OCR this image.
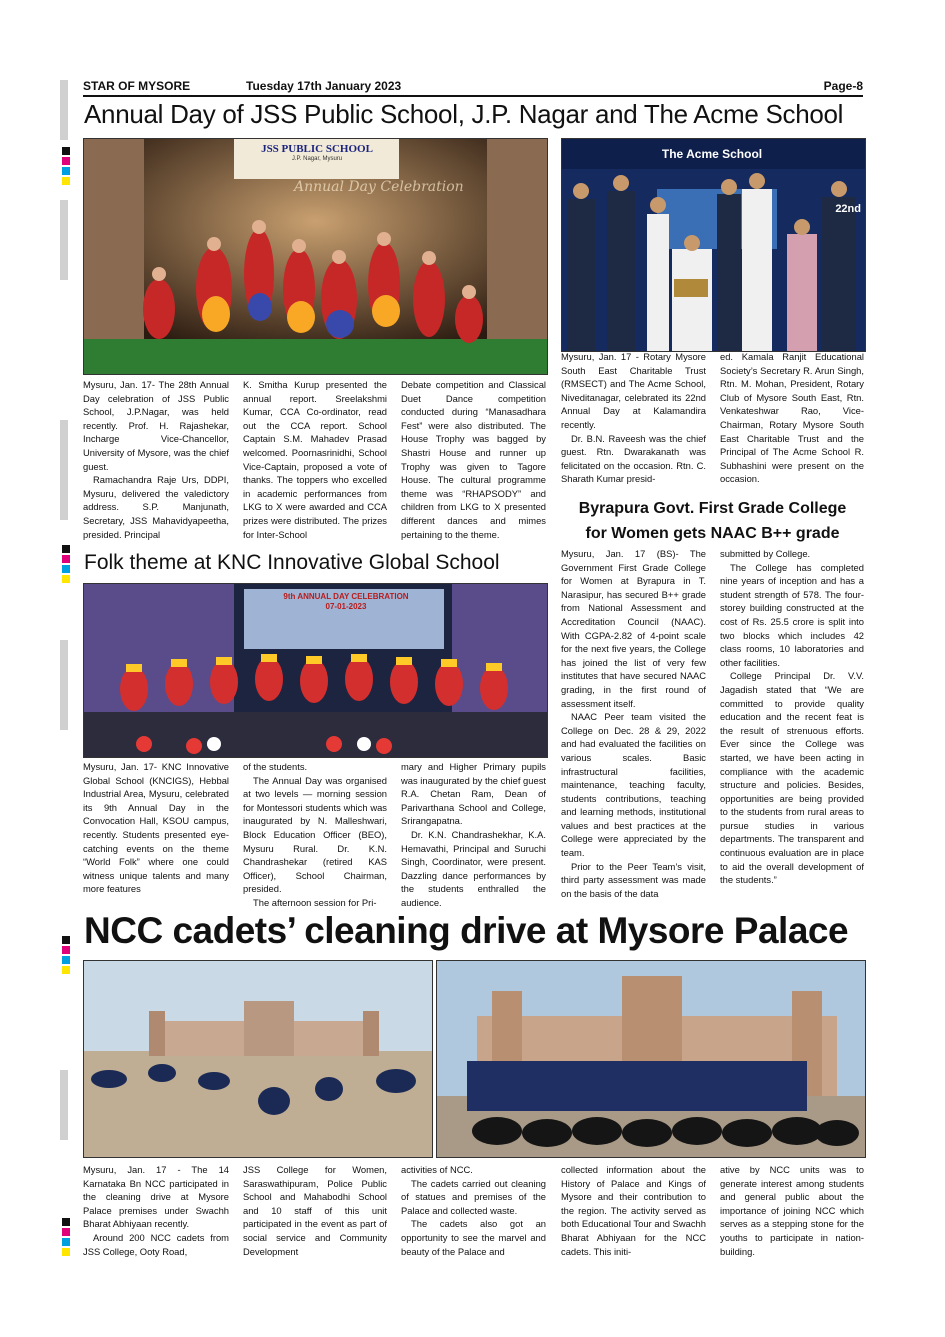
STAR OF MYSORE	Tuesday 17th January 2023	Page-8
Annual Day of JSS Public School, J.P. Nagar and The Acme School
JSS PUBLIC SCHOOL
J.P. Nagar, Mysuru
Annual Day Celebration
The Acme School
22nd

Mysuru, Jan. 17- The 28th Annual Day celebration of JSS Public School, J.P.Nagar, was held recently. Prof. H. Rajashekar, Incharge Vice-Chancellor, University of Mysore, was the chief guest.

Ramachandra Raje Urs, DDPI, Mysuru, delivered the valedictory address. S.P. Manjunath, Secretary, JSS Mahavidyapeetha, presided. Principal

K. Smitha Kurup presented the annual report. Sreelakshmi Kumar, CCA Co-ordinator, read out the CCA report. School Captain S.M. Mahadev Prasad welcomed. Poornasrinidhi, School Vice-Captain, proposed a vote of thanks. The toppers who excelled in academic performances from LKG to X were awarded and CCA prizes were distributed. The prizes for Inter-School

Debate competition and Classical Duet Dance competition conducted during “Manasadhara Fest” were also distributed. The House Trophy was bagged by Shastri House and runner up Trophy was given to Tagore House. The cultural programme theme was “RHAPSODY” and children from LKG to X presented different dances and mimes pertaining to the theme.

Mysuru, Jan. 17 - Rotary Mysore South East Charitable Trust (RMSECT) and The Acme School, Niveditanagar, celebrated its 22nd Annual Day at Kalamandira recently.

Dr. B.N. Raveesh was the chief guest. Rtn. Dwarakanath was felicitated on the occasion. Rtn. C. Sharath Kumar presid-

ed. Kamala Ranjit Educational Society’s Secretary R. Arun Singh, Rtn. M. Mohan, President, Rotary Club of Mysore South East, Rtn. Venkateshwar Rao, Vice-Chairman, Rotary Mysore South East Charitable Trust and the Principal of The Acme School R. Subhashini were present on the occasion.

Folk theme at KNC Innovative Global School
9th ANNUAL DAY CELEBRATION
07-01-2023

Mysuru, Jan. 17- KNC Innovative Global School (KNCIGS), Hebbal Industrial Area, Mysuru, celebrated its 9th Annual Day in the Convocation Hall, KSOU campus, recently. Students presented eye-catching events on the theme “World Folk” where one could witness unique talents and many more features

of the students.

The Annual Day was organised at two levels — morning session for Montessori students which was inaugurated by N. Malleshwari, Block Education Officer (BEO), Mysuru Rural. Dr. K.N. Chandrashekar (retired KAS Officer), School Chairman, presided.

The afternoon session for Pri-

mary and Higher Primary pupils was inaugurated by the chief guest R.A. Chetan Ram, Dean of Parivarthana School and College, Srirangapatna.

Dr. K.N. Chandrashekhar, K.A. Hemavathi, Principal and Suruchi Singh, Coordinator, were present. Dazzling dance performances by the students enthralled the audience.

Byrapura Govt. First Grade College
for Women gets NAAC B++ grade

Mysuru, Jan. 17 (BS)- The Government First Grade College for Women at Byrapura in T. Narasipur, has secured B++ grade from National Assessment and Accreditation Council (NAAC). With CGPA-2.82 of 4-point scale for the next five years, the College has joined the list of very few institutes that have secured NAAC grading, in the first round of assessment itself.

NAAC Peer team visited the College on Dec. 28 & 29, 2022 and had evaluated the facilities on various scales. Basic infrastructural facilities, maintenance, teaching faculty, students contributions, teaching and learning methods, institutional values and best practices at the College were appreciated by the team.

Prior to the Peer Team’s visit, third party assessment was made on the basis of the data

submitted by College.

The College has completed nine years of inception and has a student strength of 578. The four-storey building constructed at the cost of Rs. 25.5 crore is split into two blocks which includes 42 class rooms, 10 laboratories and other facilities.

College Principal Dr. V.V. Jagadish stated that “We are committed to provide quality education and the recent feat is the result of strenuous efforts. Ever since the College was started, we have been acting in compliance with the academic structure and policies. Besides, opportunities are being provided to the students from rural areas to pursue studies in various departments. The transparent and continuous evaluation are in place to aid the overall development of the students.”

NCC cadets’ cleaning drive at Mysore Palace

Mysuru, Jan. 17 - The 14 Karnataka Bn NCC participated in the cleaning drive at Mysore Palace premises under Swachh Bharat Abhiyaan recently.

Around 200 NCC cadets from JSS College, Ooty Road,

JSS College for Women, Saraswathipuram, Police Public School and Mahabodhi School and 10 staff of this unit participated in the event as part of social service and Community Development

activities of NCC.

The cadets carried out cleaning of statues and premises of the Palace and collected waste.

The cadets also got an opportunity to see the marvel and beauty of the Palace and

collected information about the History of Palace and Kings of Mysore and their contribution to the region. The activity served as both Educational Tour and Swachh Bharat Abhiyaan for the NCC cadets. This initi-

ative by NCC units was to generate interest among students and general public about the importance of joining NCC which serves as a stepping stone for the youths to participate in nation-building.
